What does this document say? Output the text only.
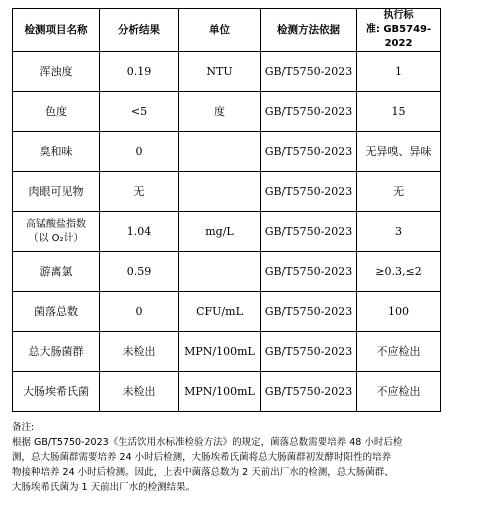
检测项目名称	分析结果	单位	检测方法依据	执行标
准: GB5749-2022

浑浊度	0.19	NTU	GB/T5750-2023	1
色度	<5	度	GB/T5750-2023	15
臭和味	0		GB/T5750-2023	无异嗅、异味
肉眼可见物	无		GB/T5750-2023	无

高锰酸盐指数
（以 O₂计）	1.04	mg/L	GB/T5750-2023	3
游离氯	0.59		GB/T5750-2023	≥0.3,≤2
菌落总数	0	CFU/mL	GB/T5750-2023	100
总大肠菌群	未检出	MPN/100mL	GB/T5750-2023	不应检出
大肠埃希氏菌	未检出	MPN/100mL	GB/T5750-2023	不应检出

备注:

根据 GB/T5750-2023《生活饮用水标准检验方法》的规定，菌落总数需要培养 48 小时后检

测，总大肠菌群需要培养 24 小时后检测，大肠埃希氏菌将总大肠菌群初发酵时阳性的培养

物接种培养 24 小时后检测。因此，上表中菌落总数为 2 天前出厂水的检测，总大肠菌群、

大肠埃希氏菌为 1 天前出厂水的检测结果。
